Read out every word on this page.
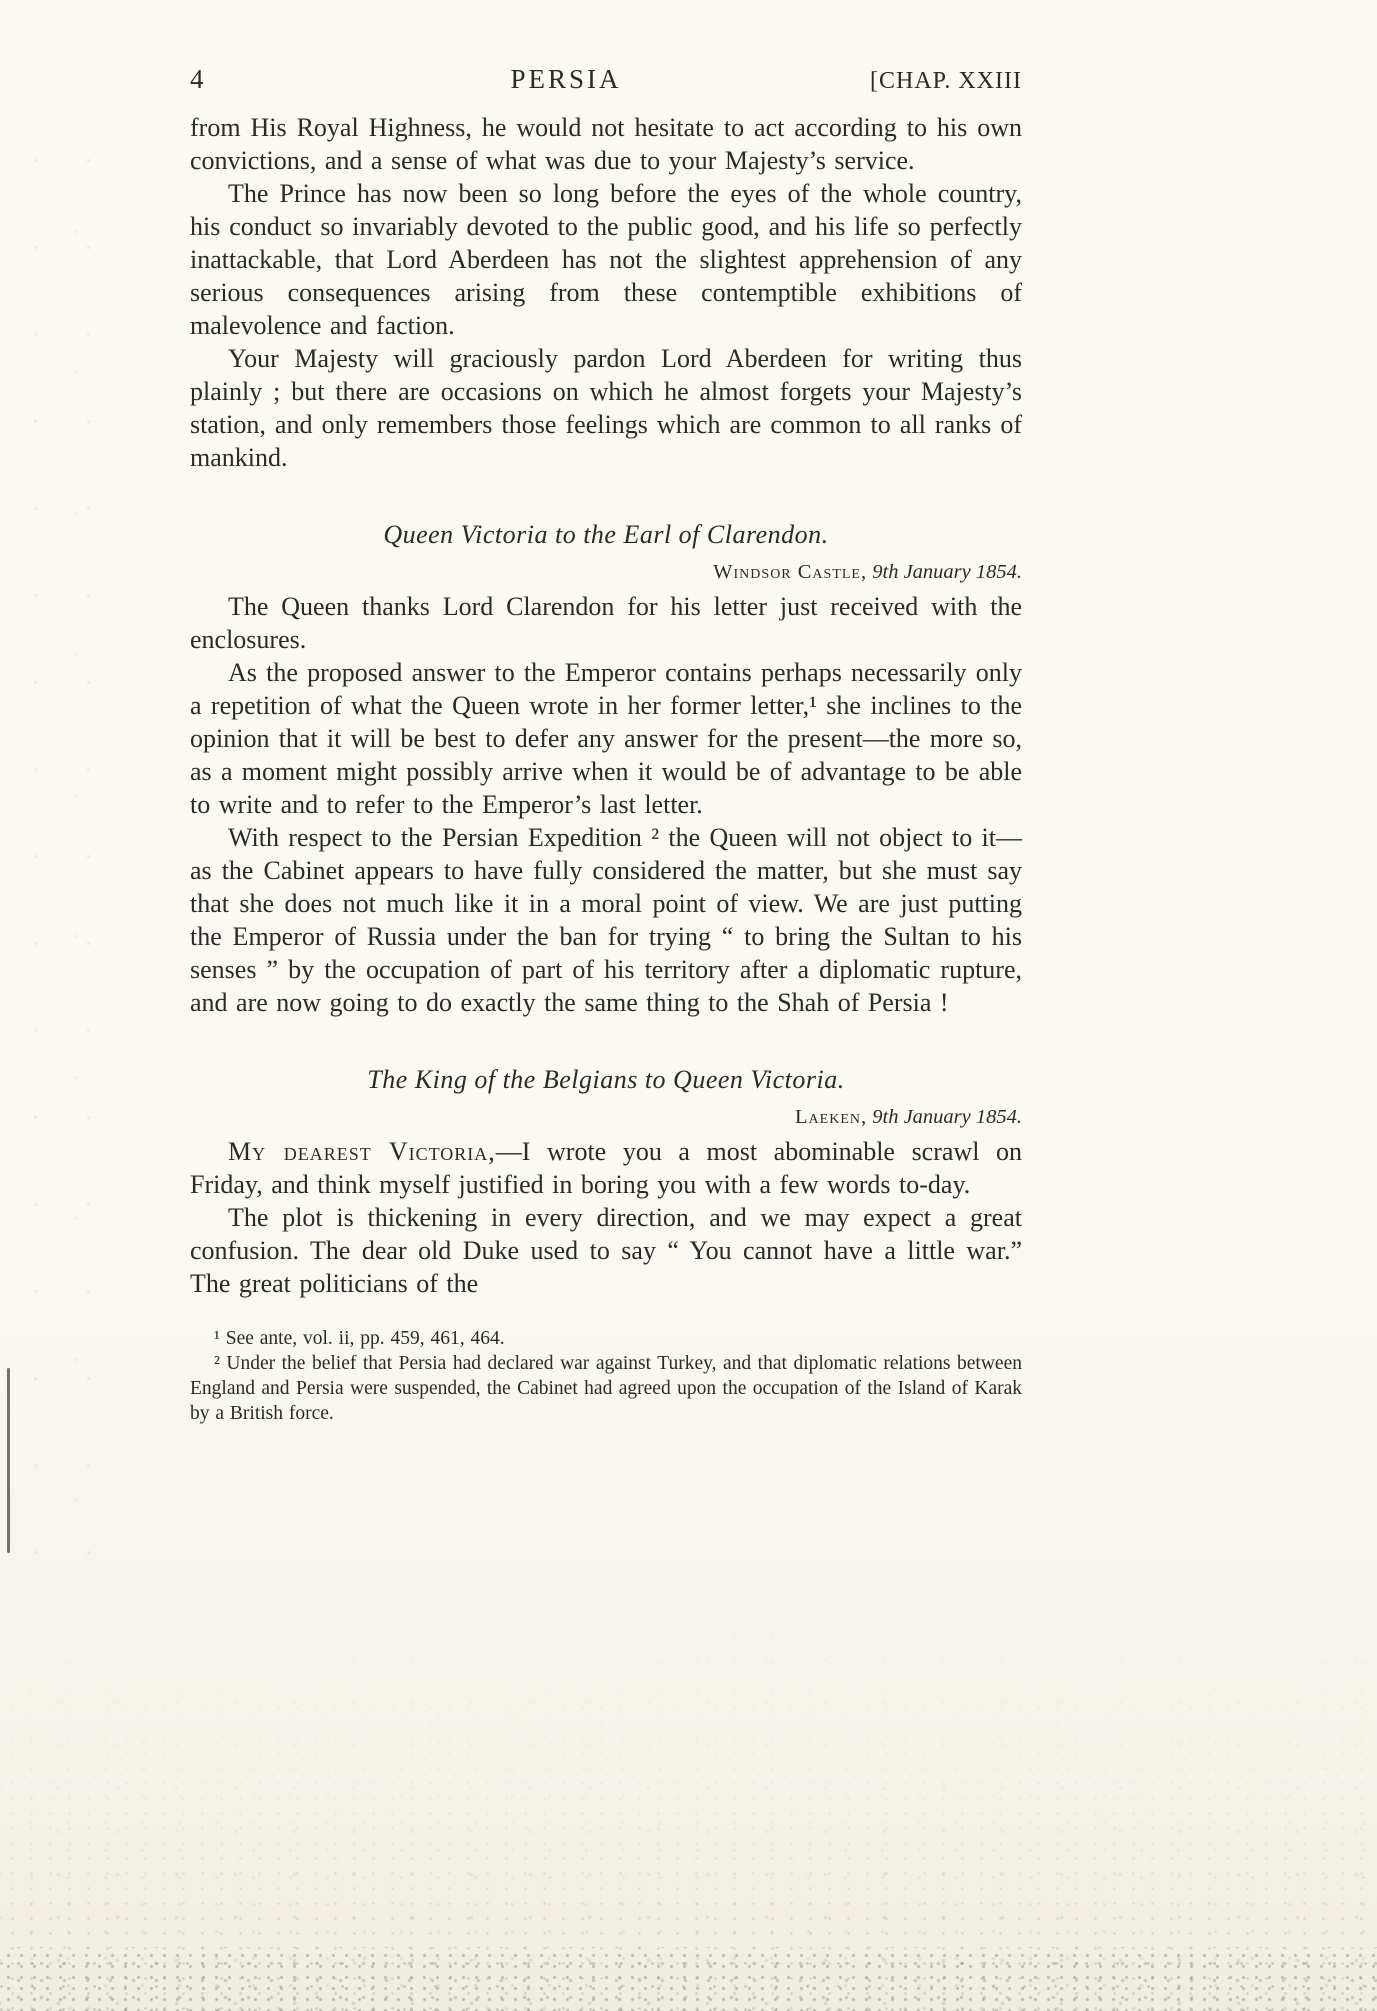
4	PERSIA	[CHAP. XXIII

from His Royal Highness, he would not hesitate to act according to his own convictions, and a sense of what was due to your Majesty’s service.

The Prince has now been so long before the eyes of the whole country, his conduct so invariably devoted to the public good, and his life so perfectly inattackable, that Lord Aberdeen has not the slightest apprehension of any serious consequences arising from these contemptible exhibitions of malevolence and faction.

Your Majesty will graciously pardon Lord Aberdeen for writing thus plainly ; but there are occasions on which he almost forgets your Majesty’s station, and only remembers those feelings which are common to all ranks of mankind.

Queen Victoria to the Earl of Clarendon.

Windsor Castle, 9th January 1854.

The Queen thanks Lord Clarendon for his letter just received with the enclosures.

As the proposed answer to the Emperor contains perhaps necessarily only a repetition of what the Queen wrote in her former letter,¹ she inclines to the opinion that it will be best to defer any answer for the present—the more so, as a moment might possibly arrive when it would be of advantage to be able to write and to refer to the Emperor’s last letter.

With respect to the Persian Expedition ² the Queen will not object to it—as the Cabinet appears to have fully considered the matter, but she must say that she does not much like it in a moral point of view. We are just putting the Emperor of Russia under the ban for trying “ to bring the Sultan to his senses ” by the occupation of part of his territory after a diplomatic rupture, and are now going to do exactly the same thing to the Shah of Persia !

The King of the Belgians to Queen Victoria.

Laeken, 9th January 1854.

My dearest Victoria,—I wrote you a most abominable scrawl on Friday, and think myself justified in boring you with a few words to-day.

The plot is thickening in every direction, and we may expect a great confusion. The dear old Duke used to say “ You cannot have a little war.” The great politicians of the

¹ See ante, vol. ii, pp. 459, 461, 464.

² Under the belief that Persia had declared war against Turkey, and that diplomatic relations between England and Persia were suspended, the Cabinet had agreed upon the occupation of the Island of Karak by a British force.
